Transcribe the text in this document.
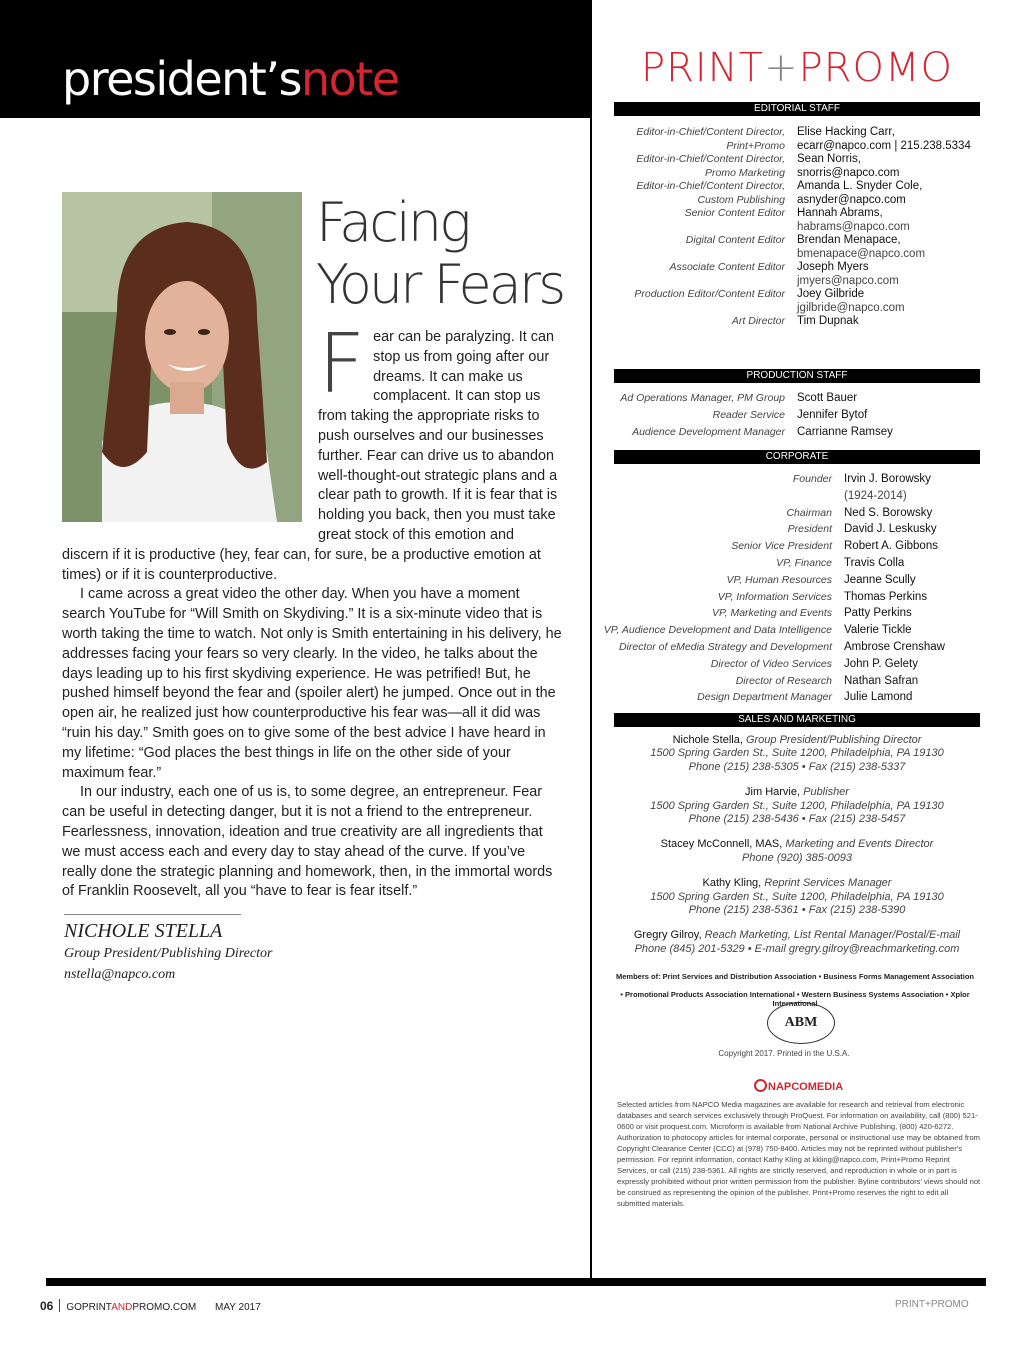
president’snote
Facing
Your Fears
F ear can be paralyzing. It can stop us from going after our dreams. It can make us complacent. It can stop us from taking the appropriate risks to push ourselves and our businesses further. Fear can drive us to abandon well-thought-out strategic plans and a clear path to growth. If it is fear that is holding you back, then you must take great stock of this emotion and discern if it is productive (hey, fear can, for sure, be a productive emotion at times) or if it is counterproductive.

I came across a great video the other day. When you have a moment search YouTube for “Will Smith on Skydiving.” It is a six-minute video that is worth taking the time to watch. Not only is Smith entertaining in his delivery, he addresses facing your fears so very clearly. In the video, he talks about the days leading up to his first skydiving experience. He was petrified! But, he pushed himself beyond the fear and (spoiler alert) he jumped. Once out in the open air, he realized just how counterproductive his fear was—all it did was “ruin his day.” Smith goes on to give some of the best advice I have heard in my lifetime: “God places the best things in life on the other side of your maximum fear.”

In our industry, each one of us is, to some degree, an entrepreneur. Fear can be useful in detecting danger, but it is not a friend to the entrepreneur. Fearlessness, innovation, ideation and true creativity are all ingredients that we must access each and every day to stay ahead of the curve. If you’ve really done the strategic planning and homework, then, in the immortal words of Franklin Roosevelt, all you “have to fear is fear itself.”

NICHOLE STELLA
Group President/Publishing Director
nstella@napco.com
PRINT+PROMO
EDITORIAL STAFF
Editor-in-Chief/Content Director,	Elise Hacking Carr,
Print+Promo	ecarr@napco.com | 215.238.5334
Editor-in-Chief/Content Director,	Sean Norris,
Promo Marketing	snorris@napco.com
Editor-in-Chief/Content Director,	Amanda L. Snyder Cole,
Custom Publishing	asnyder@napco.com
Senior Content Editor	Hannah Abrams,
habrams@napco.com
Digital Content Editor	Brendan Menapace,
bmenapace@napco.com
Associate Content Editor	Joseph Myers
jmyers@napco.com
Production Editor/Content Editor	Joey Gilbride
jgilbride@napco.com
Art Director	Tim Dupnak
PRODUCTION STAFF
Ad Operations Manager, PM Group	Scott Bauer
Reader Service	Jennifer Bytof
Audience Development Manager	Carrianne Ramsey
CORPORATE
Founder	Irvin J. Borowsky
(1924-2014)
Chairman	Ned S. Borowsky
President	David J. Leskusky
Senior Vice President	Robert A. Gibbons
VP, Finance	Travis Colla
VP, Human Resources	Jeanne Scully
VP, Information Services	Thomas Perkins
VP, Marketing and Events	Patty Perkins
VP, Audience Development and Data Intelligence	Valerie Tickle
Director of eMedia Strategy and Development	Ambrose Crenshaw
Director of Video Services	John P. Gelety
Director of Research	Nathan Safran
Design Department Manager	Julie Lamond
SALES AND MARKETING
Nichole Stella, Group President/Publishing Director
1500 Spring Garden St., Suite 1200, Philadelphia, PA 19130
Phone (215) 238-5305 • Fax (215) 238-5337
Jim Harvie, Publisher
1500 Spring Garden St., Suite 1200, Philadelphia, PA 19130
Phone (215) 238-5436 • Fax (215) 238-5457
Stacey McConnell, MAS, Marketing and Events Director
Phone (920) 385-0093
Kathy Kling, Reprint Services Manager
1500 Spring Garden St., Suite 1200, Philadelphia, PA 19130
Phone (215) 238-5361 • Fax (215) 238-5390
Gregry Gilroy, Reach Marketing, List Rental Manager/Postal/E-mail
Phone (845) 201-5329 • E-mail gregry.gilroy@reachmarketing.com
Members of: Print Services and Distribution Association • Business Forms Management Association
• Promotional Products Association International • Western Business Systems Association • Xplor International
ABM
Copyright 2017. Printed in the U.S.A.
NAPCOMEDIA
Selected articles from NAPCO Media magazines are available for research and retrieval from electronic databases and search services exclusively through ProQuest. For information on availability, call (800) 521-0600 or visit proquest.com. Microform is available from National Archive Publishing, (800) 420-6272. Authorization to photocopy articles for internal corporate, personal or instructional use may be obtained from Copyright Clearance Center (CCC) at (978) 750-8400. Articles may not be reprinted without publisher's permission. For reprint information, contact Kathy Kling at kkling@napco.com, Print+Promo Reprint Services, or call (215) 238-5361. All rights are strictly reserved, and reproduction in whole or in part is expressly prohibited without prior written permission from the publisher. Byline contributors' views should not be construed as representing the opinion of the publisher. Print+Promo reserves the right to edit all submitted materials.
06 GOPRINTANDPROMO.COM MAY 2017	PRINT+PROMO
